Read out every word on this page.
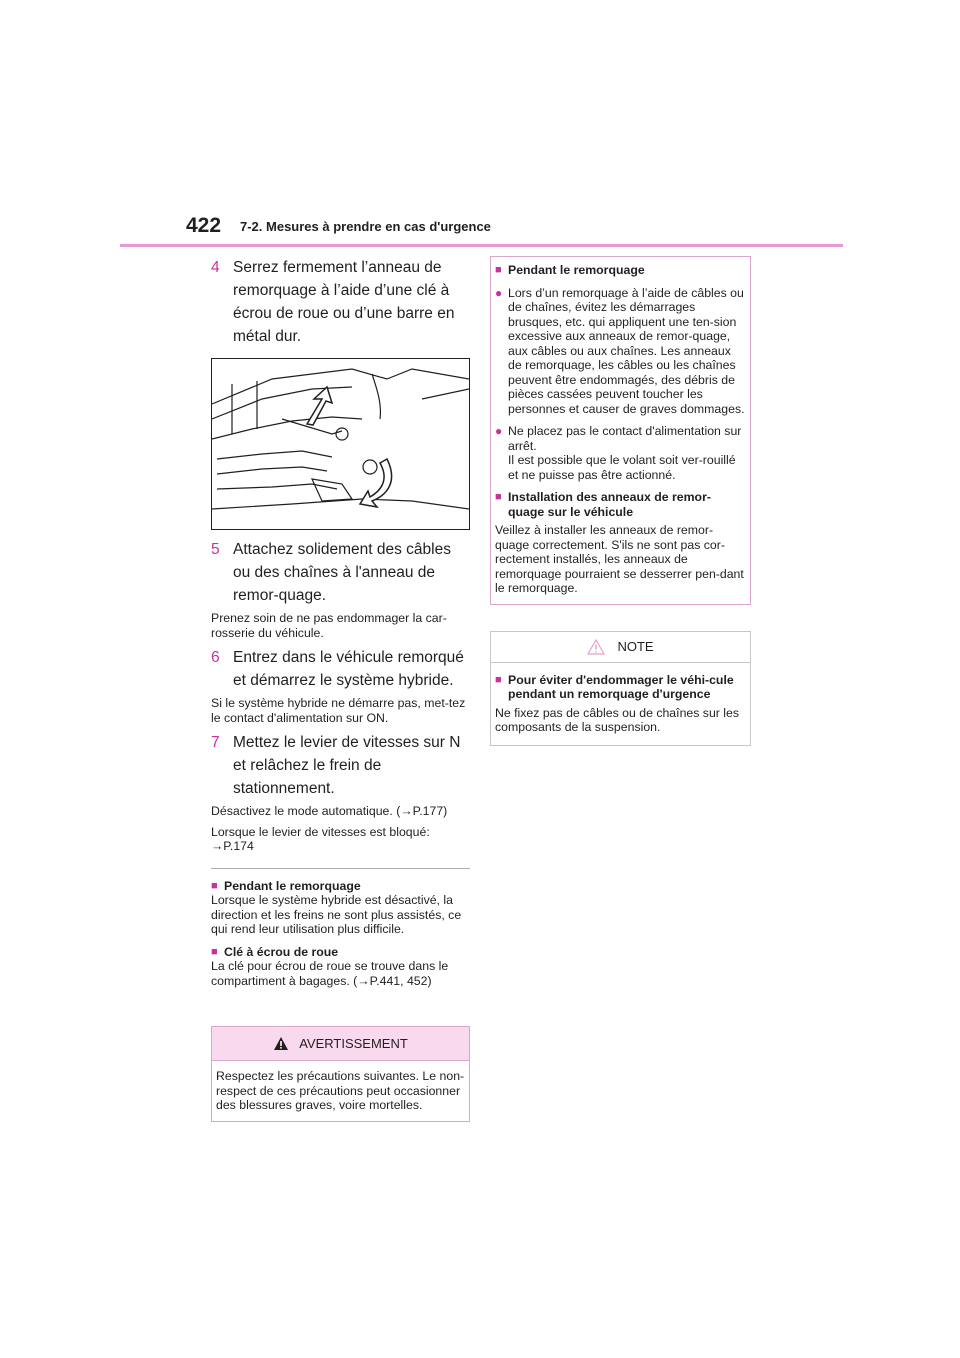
422 7-2. Mesures à prendre en cas d'urgence
4 Serrez fermement l’anneau de remorquage à l’aide d’une clé à écrou de roue ou d’une barre en métal dur.
5 Attachez solidement des câbles ou des chaînes à l'anneau de remor-quage.

Prenez soin de ne pas endommager la car-rosserie du véhicule.

6 Entrez dans le véhicule remorqué et démarrez le système hybride.

Si le système hybride ne démarre pas, met-tez le contact d'alimentation sur ON.

7 Mettez le levier de vitesses sur N et relâchez le frein de stationnement.

Désactivez le mode automatique. (→P.177)

Lorsque le levier de vitesses est bloqué: →P.174

■ Pendant le remorquage
Lorsque le système hybride est désactivé, la direction et les freins ne sont plus assistés, ce qui rend leur utilisation plus difficile.
■ Clé à écrou de roue
La clé pour écrou de roue se trouve dans le compartiment à bagages. (→P.441, 452)
AVERTISSEMENT
Respectez les précautions suivantes. Le non-respect de ces précautions peut occasionner des blessures graves, voire mortelles.
■ Pendant le remorquage
● Lors d’un remorquage à l’aide de câbles ou de chaînes, évitez les démarrages brusques, etc. qui appliquent une ten-sion excessive aux anneaux de remor-quage, aux câbles ou aux chaînes. Les anneaux de remorquage, les câbles ou les chaînes peuvent être endommagés, des débris de pièces cassées peuvent toucher les personnes et causer de graves dommages.
● Ne placez pas le contact d'alimentation sur arrêt.
Il est possible que le volant soit ver-rouillé et ne puisse pas être actionné.
■ Installation des anneaux de remor-quage sur le véhicule
Veillez à installer les anneaux de remor-quage correctement. S'ils ne sont pas cor-rectement installés, les anneaux de remorquage pourraient se desserrer pen-dant le remorquage.
NOTE
■ Pour éviter d'endommager le véhi-cule pendant un remorquage d'urgence
Ne fixez pas de câbles ou de chaînes sur les composants de la suspension.
